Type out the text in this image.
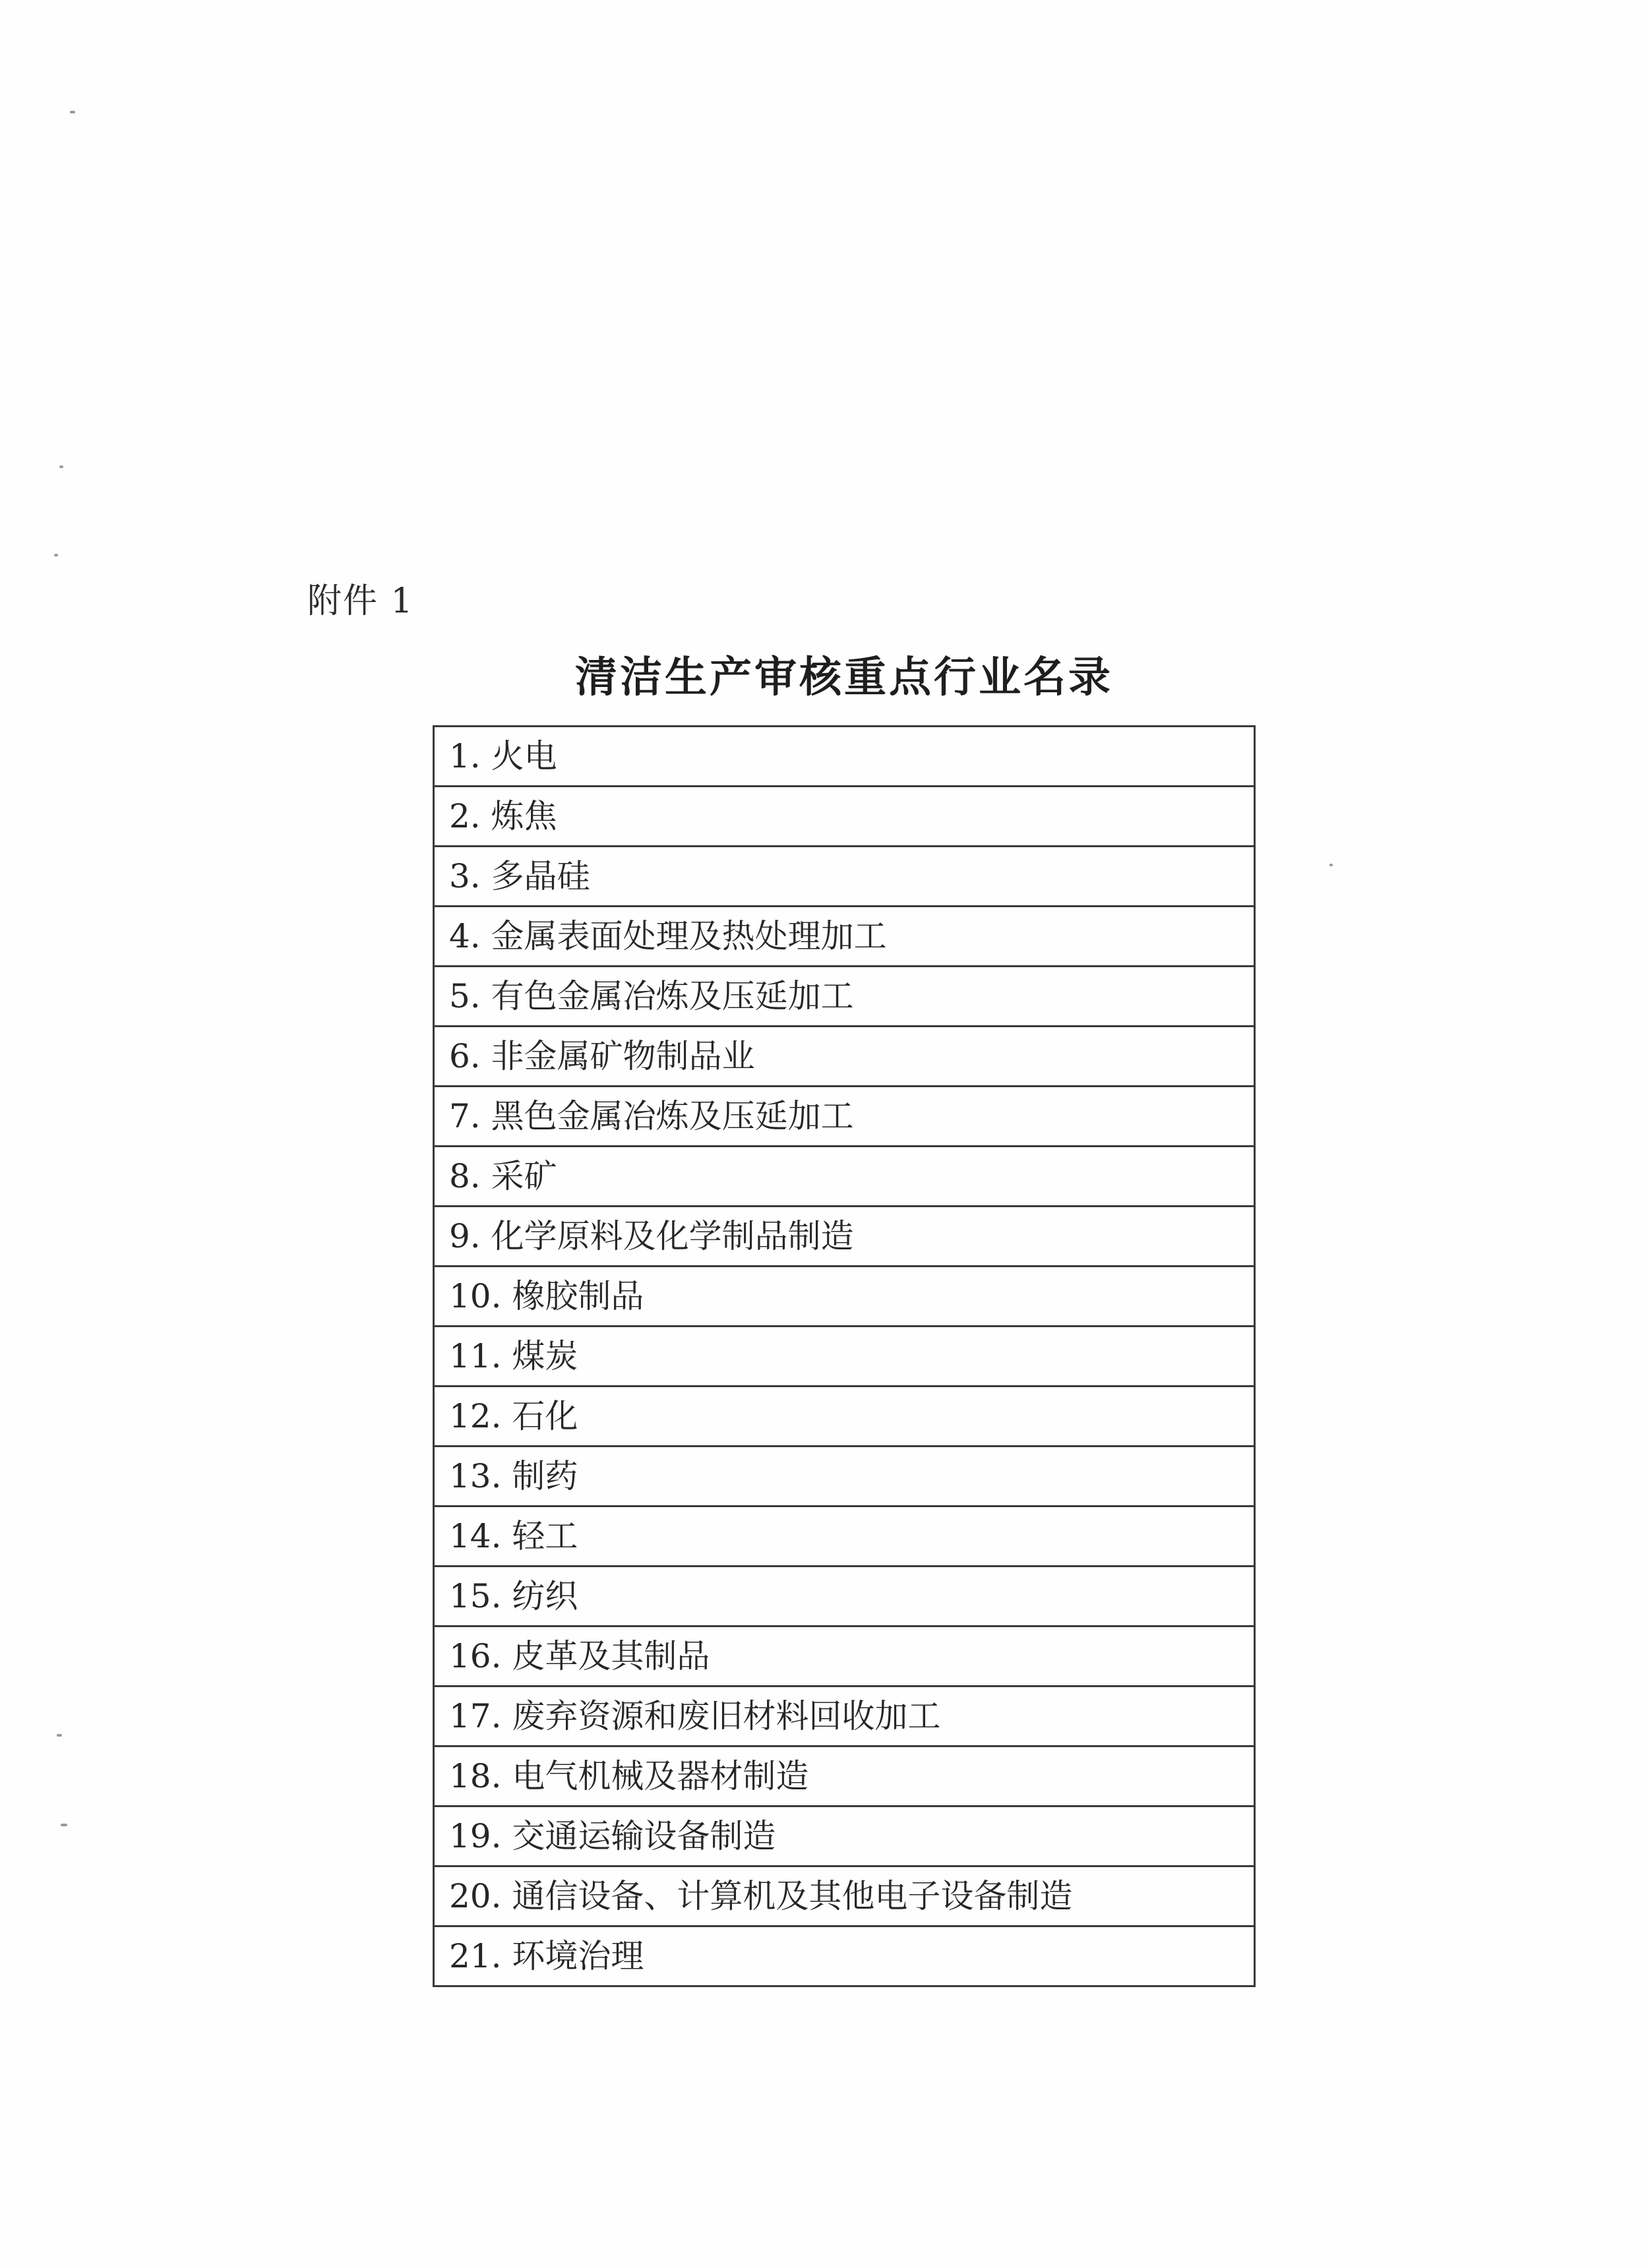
附件 1
清洁生产审核重点行业名录
1. 火电
2. 炼焦
3. 多晶硅
4. 金属表面处理及热处理加工
5. 有色金属冶炼及压延加工
6. 非金属矿物制品业
7. 黑色金属冶炼及压延加工
8. 采矿
9. 化学原料及化学制品制造
10. 橡胶制品
11. 煤炭
12. 石化
13. 制药
14. 轻工
15. 纺织
16. 皮革及其制品
17. 废弃资源和废旧材料回收加工
18. 电气机械及器材制造
19. 交通运输设备制造
20. 通信设备、计算机及其他电子设备制造
21. 环境治理
